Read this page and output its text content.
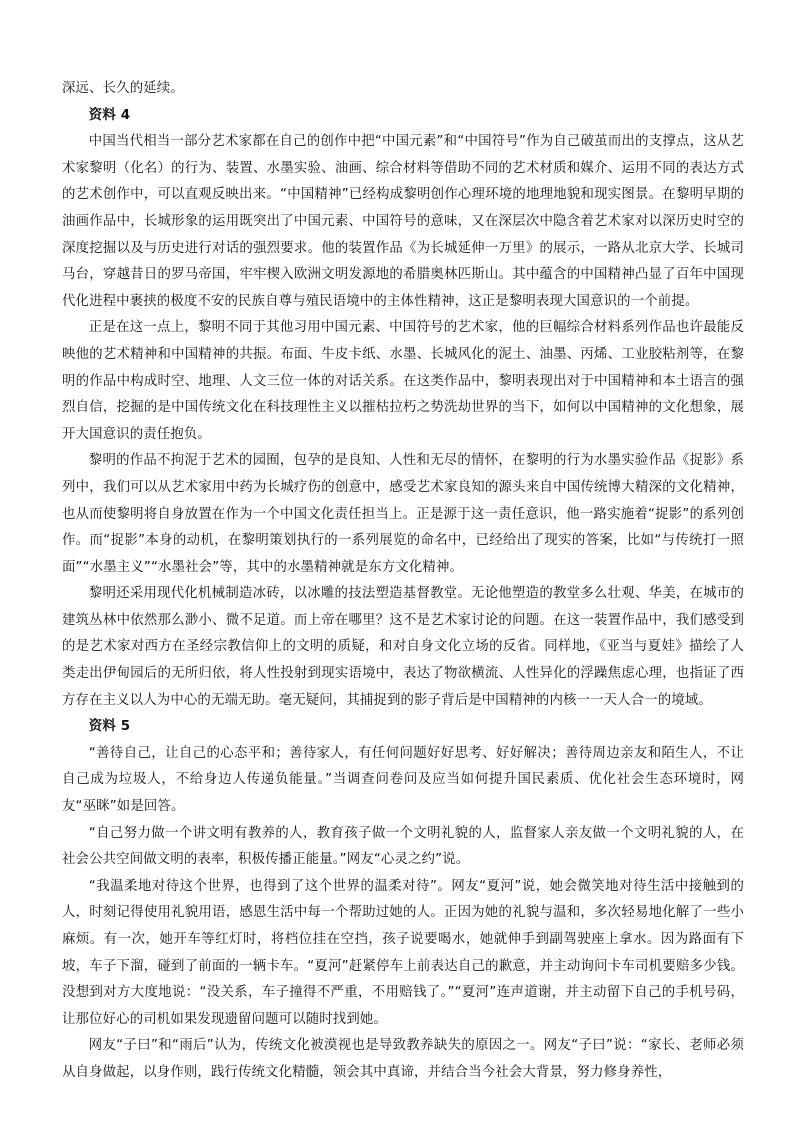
深远、长久的延续。

资料 4

中国当代相当一部分艺术家都在自己的创作中把“中国元素”和“中国符号”作为自己破茧而出的支撑点，这从艺术家黎明（化名）的行为、装置、水墨实验、油画、综合材料等借助不同的艺术材质和媒介、运用不同的表达方式的艺术创作中，可以直观反映出来。“中国精神”已经构成黎明创作心理环境的地理地貌和现实图景。在黎明早期的油画作品中，长城形象的运用既突出了中国元素、中国符号的意味，又在深层次中隐含着艺术家对以深历史时空的深度挖掘以及与历史进行对话的强烈要求。他的装置作品《为长城延伸一万里》的展示，一路从北京大学、长城司马台，穿越昔日的罗马帝国，牢牢楔入欧洲文明发源地的希腊奥林匹斯山。其中蕴含的中国精神凸显了百年中国现代化进程中裹挟的极度不安的民族自尊与殖民语境中的主体性精神，这正是黎明表现大国意识的一个前提。

正是在这一点上，黎明不同于其他习用中国元素、中国符号的艺术家，他的巨幅综合材料系列作品也许最能反映他的艺术精神和中国精神的共振。布面、牛皮卡纸、水墨、长城风化的泥土、油墨、丙烯、工业胶粘剂等，在黎明的作品中构成时空、地理、人文三位一体的对话关系。在这类作品中，黎明表现出对于中国精神和本土语言的强烈自信，挖掘的是中国传统文化在科技理性主义以摧枯拉朽之势洗劫世界的当下，如何以中国精神的文化想象，展开大国意识的责任抱负。

黎明的作品不拘泥于艺术的园囿，包孕的是良知、人性和无尽的情怀，在黎明的行为水墨实验作品《捉影》系列中，我们可以从艺术家用中药为长城疗伤的创意中，感受艺术家良知的源头来自中国传统博大精深的文化精神，也从而使黎明将自身放置在作为一个中国文化责任担当上。正是源于这一责任意识，他一路实施着“捉影”的系列创作。而“捉影”本身的动机，在黎明策划执行的一系列展览的命名中，已经给出了现实的答案，比如“与传统打一照面”“水墨主义”“水墨社会”等，其中的水墨精神就是东方文化精神。

黎明还采用现代化机械制造冰砖，以冰雕的技法塑造基督教堂。无论他塑造的教堂多么壮观、华美，在城市的建筑丛林中依然那么渺小、微不足道。而上帝在哪里？这不是艺术家讨论的问题。在这一装置作品中，我们感受到的是艺术家对西方在圣经宗教信仰上的文明的质疑，和对自身文化立场的反省。同样地，《亚当与夏娃》描绘了人类走出伊甸园后的无所归依，将人性投射到现实语境中，表达了物欲横流、人性异化的浮躁焦虑心理，也指证了西方存在主义以人为中心的无端无助。毫无疑问，其捕捉到的影子背后是中国精神的内核一一天人合一的境域。

资料 5

“善待自己，让自己的心态平和；善待家人，有任何问题好好思考、好好解决；善待周边亲友和陌生人，不让自己成为垃圾人，不给身边人传递负能量。”当调查问卷问及应当如何提升国民素质、优化社会生态环境时，网友“巫眯”如是回答。

“自己努力做一个讲文明有教养的人，教育孩子做一个文明礼貌的人，监督家人亲友做一个文明礼貌的人，在社会公共空间做文明的表率，积极传播正能量。”网友“心灵之约”说。

“我温柔地对待这个世界，也得到了这个世界的温柔对待”。网友“夏河”说，她会微笑地对待生活中接触到的人，时刻记得使用礼貌用语，感恩生活中每一个帮助过她的人。正因为她的礼貌与温和，多次轻易地化解了一些小麻烦。有一次，她开车等红灯时，将档位挂在空挡，孩子说要喝水，她就伸手到副驾驶座上拿水。因为路面有下坡，车子下溜，碰到了前面的一辆卡车。“夏河”赶紧停车上前表达自己的歉意，并主动询问卡车司机要赔多少钱。没想到对方大度地说：“没关系，车子撞得不严重，不用赔钱了。”“夏河”连声道谢，并主动留下自己的手机号码，让那位好心的司机如果发现遗留问题可以随时找到她。

网友“子曰”和“雨后”认为，传统文化被漠视也是导致教养缺失的原因之一。网友“子曰”说：“家长、老师必须从自身做起，以身作则，践行传统文化精髓，领会其中真谛，并结合当今社会大背景，努力修身养性，
